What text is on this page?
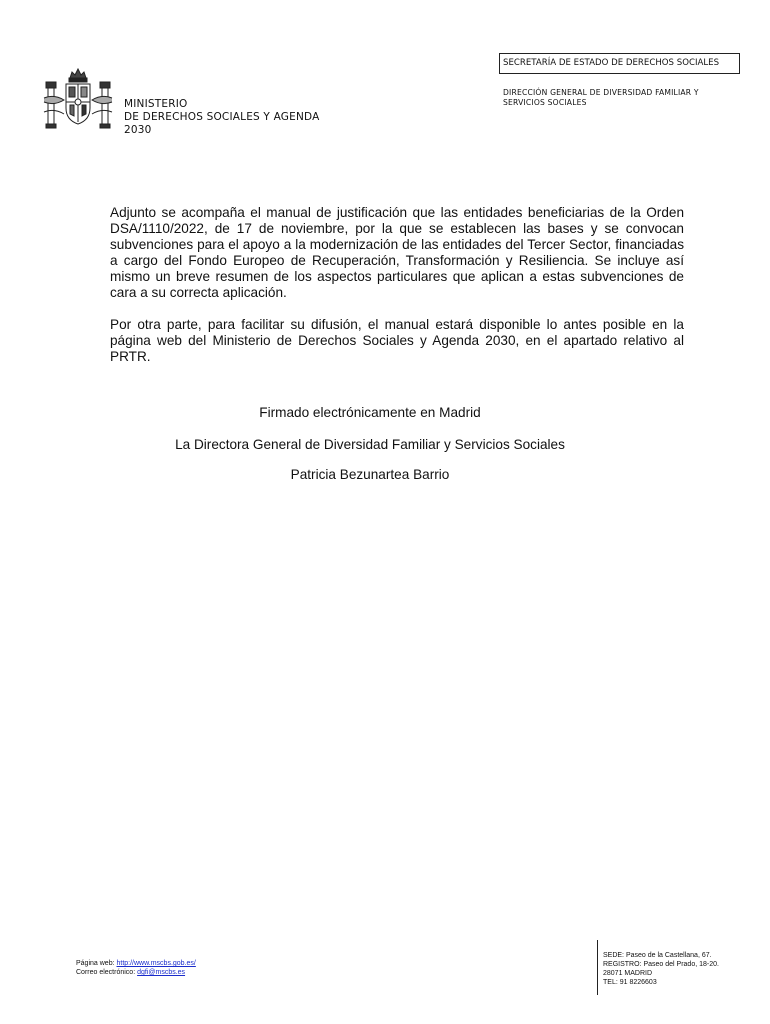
MINISTERIO
DE DERECHOS SOCIALES Y AGENDA
2030
SECRETARÍA DE ESTADO DE DERECHOS SOCIALES
DIRECCIÓN GENERAL DE DIVERSIDAD FAMILIAR Y SERVICIOS SOCIALES

Adjunto se acompaña el manual de justificación que las entidades beneficiarias de la Orden DSA/1110/2022, de 17 de noviembre, por la que se establecen las bases y se convocan subvenciones para el apoyo a la modernización de las entidades del Tercer Sector, financiadas a cargo del Fondo Europeo de Recuperación, Transformación y Resiliencia. Se incluye así mismo un breve resumen de los aspectos particulares que aplican a estas subvenciones de cara a su correcta aplicación.

Por otra parte, para facilitar su difusión, el manual estará disponible lo antes posible en la página web del Ministerio de Derechos Sociales y Agenda 2030, en el apartado relativo al PRTR.

Firmado electrónicamente en Madrid
La Directora General de Diversidad Familiar y Servicios Sociales
Patricia Bezunartea Barrio
Página web: http://www.mscbs.gob.es/
Correo electrónico: dgfi@mscbs.es
SEDE: Paseo de la Castellana, 67.
REGISTRO: Paseo del Prado, 18-20.
28071 MADRID
TEL: 91 8226603
